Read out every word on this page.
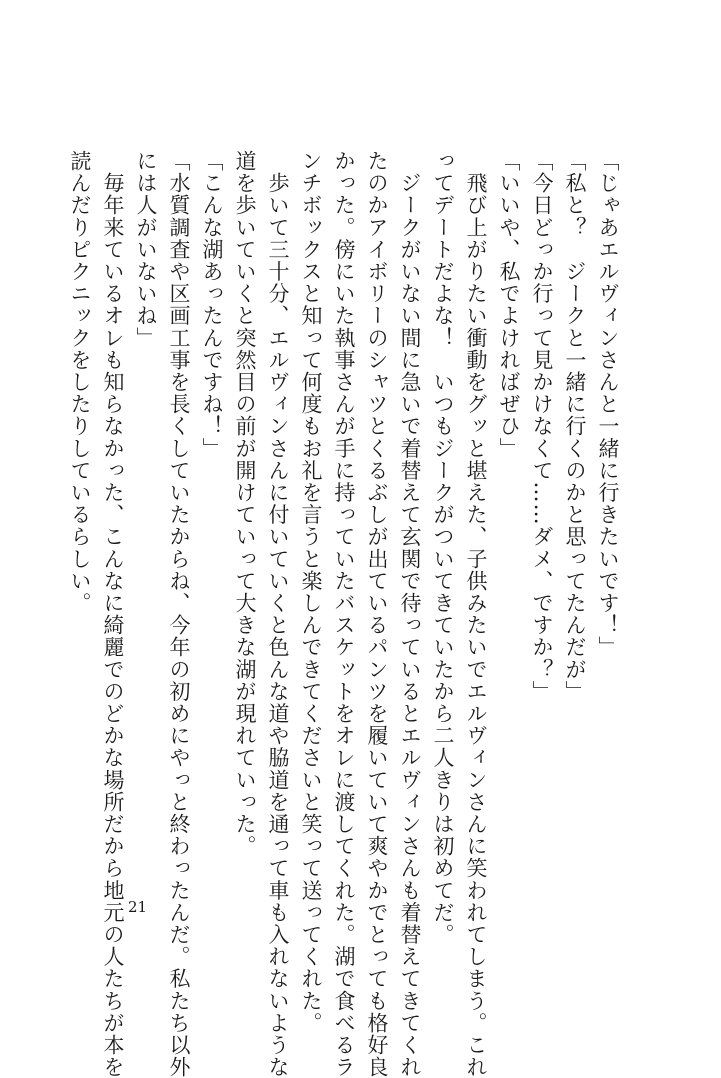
「じゃあエルヴィンさんと一緒に行きたいです！」

「私と？　ジークと一緒に行くのかと思ってたんだが」

「今日どっか行って見かけなくて……ダメ、ですか？」

「いいや、私でよければぜひ」

　飛び上がりたい衝動をグッと堪えた、子供みたいでエルヴィンさんに笑われてしまう。これ

ってデートだよな！　いつもジークがついてきていたから二人きりは初めてだ。

　ジークがいない間に急いで着替えて玄関で待っているとエルヴィンさんも着替えてきてくれ

たのかアイボリーのシャツとくるぶしが出ているパンツを履いていて爽やかでとっても格好良

かった。傍にいた執事さんが手に持っていたバスケットをオレに渡してくれた。湖で食べるラ

ンチボックスと知って何度もお礼を言うと楽しんできてくださいと笑って送ってくれた。

　歩いて三十分、エルヴィンさんに付いていくと色んな道や脇道を通って車も入れないような

道を歩いていくと突然目の前が開けていって大きな湖が現れていった。

「こんな湖あったんですね！」

「水質調査や区画工事を長くしていたからね、今年の初めにやっと終わったんだ。私たち以外

には人がいないね」

　毎年来ているオレも知らなかった、こんなに綺麗でのどかな場所だから地元の人たちが本を

読んだりピクニックをしたりしているらしい。

21
